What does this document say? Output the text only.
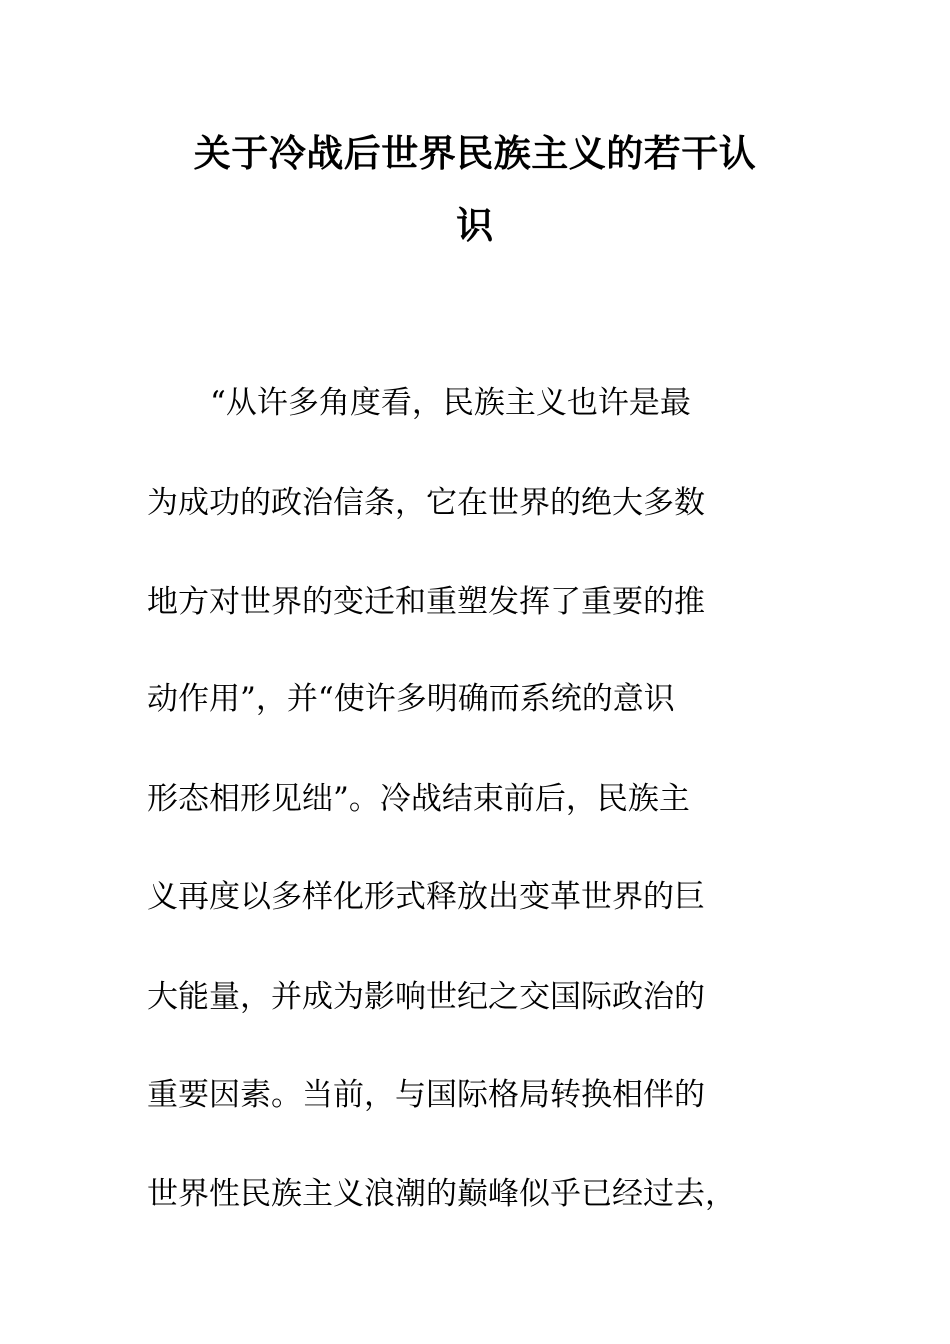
关于冷战后世界民族主义的若干认
识
“从许多角度看，民族主义也许是最
为成功的政治信条，它在世界的绝大多数
地方对世界的变迁和重塑发挥了重要的推
动作用”，并“使许多明确而系统的意识
形态相形见绌”。冷战结束前后，民族主
义再度以多样化形式释放出变革世界的巨
大能量，并成为影响世纪之交国际政治的
重要因素。当前，与国际格局转换相伴的
世界性民族主义浪潮的巅峰似乎已经过去，
